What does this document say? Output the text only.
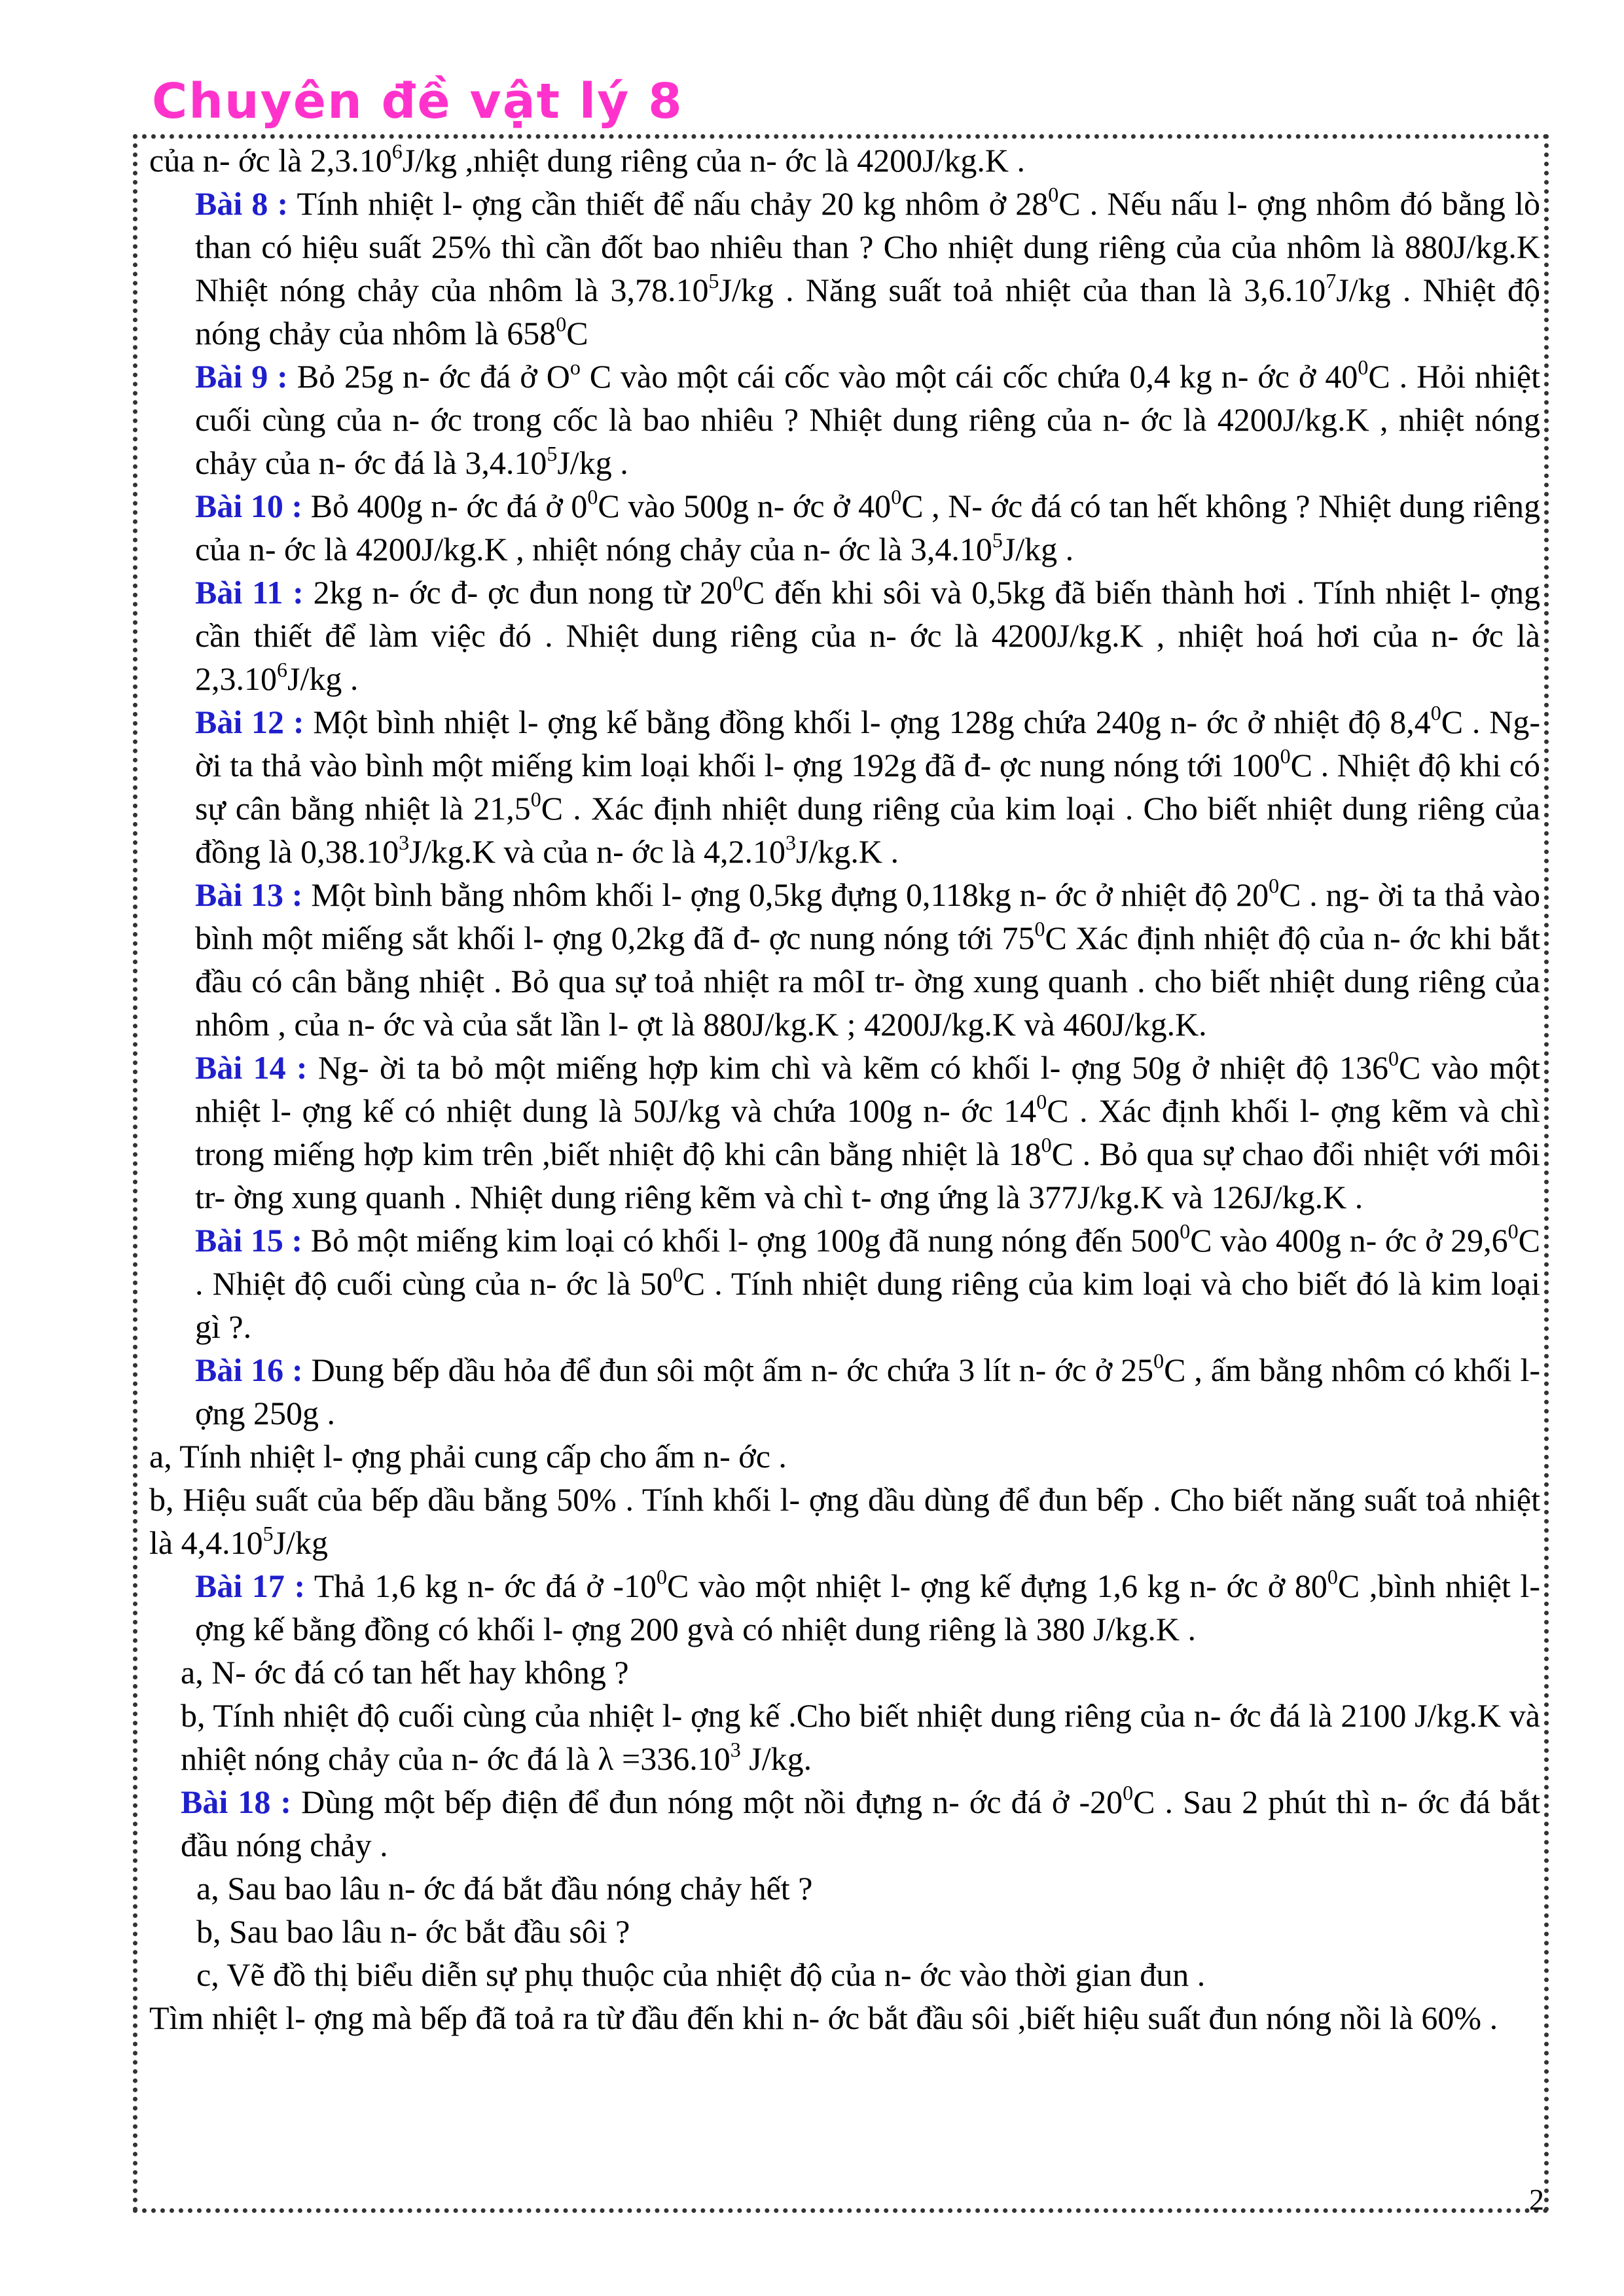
Chuyên đề vật lý 8

của n- ớc là 2,3.10$^6$J/kg ,nhiệt dung riêng của n- ớc là 4200J/kg.K .

Bài 8 : Tính nhiệt l- ợng cần thiết để nấu chảy 20 kg nhôm ở $28^0C$ . Nếu nấu l- ợng nhôm đó bằng lò than có hiệu suất 25% thì cần đốt bao nhiêu than ? Cho nhiệt dung riêng của của nhôm là 880J/kg.K Nhiệt nóng chảy của nhôm là 3,78.10$^5$J/kg . Năng suất toả nhiệt của than là 3,6.10$^7$J/kg . Nhiệt độ nóng chảy của nhôm là $658^0C$

Bài 9 : Bỏ 25g n- ớc đá ở $O^o$ C vào một cái cốc vào một cái cốc chứa 0,4 kg n- ớc ở $40^0C$ . Hỏi nhiệt cuối cùng của n- ớc trong cốc là bao nhiêu ? Nhiệt dung riêng của n- ớc là 4200J/kg.K , nhiệt nóng chảy của n- ớc đá là 3,4.10$^5$J/kg .

Bài 10 : Bỏ 400g n- ớc đá ở $0^0C$ vào 500g n- ớc ở $40^0C$ , N- ớc đá có tan hết không ? Nhiệt dung riêng của n- ớc là 4200J/kg.K , nhiệt nóng chảy của n- ớc là 3,4.10$^5$J/kg .

Bài 11 : 2kg n- ớc đ- ợc đun nong từ $20^0C$ đến khi sôi và 0,5kg đã biến thành hơi . Tính nhiệt l- ợng cần thiết để làm việc đó . Nhiệt dung riêng của n- ớc là 4200J/kg.K , nhiệt hoá hơi của n- ớc là 2,3.10$^6$J/kg .

Bài 12 : Một bình nhiệt l- ợng kế bằng đồng khối l- ợng 128g chứa 240g n- ớc ở nhiệt độ $8,4^0C$ . Ng- ời ta thả vào bình một miếng kim loại khối l- ợng 192g đã đ- ợc nung nóng tới $100^0C$ . Nhiệt độ khi có sự cân bằng nhiệt là 21,5$^0$C . Xác định nhiệt dung riêng của kim loại . Cho biết nhiệt dung riêng của đồng là 0,38.10$^3$J/kg.K và của n- ớc là 4,2.10$^3$J/kg.K .

Bài 13 : Một bình bằng nhôm khối l- ợng 0,5kg đựng 0,118kg n- ớc ở nhiệt độ $20^0C$ . ng- ời ta thả vào bình một miếng sắt khối l- ợng 0,2kg đã đ- ợc nung nóng tới $75^0C$ Xác định nhiệt độ của n- ớc khi bắt đầu có cân bằng nhiệt . Bỏ qua sự toả nhiệt ra môI tr- ờng xung quanh . cho biết nhiệt dung riêng của nhôm , của n- ớc và của sắt lần l- ợt là 880J/kg.K ; 4200J/kg.K và 460J/kg.K.

Bài 14 : Ng- ời ta bỏ một miếng hợp kim chì và kẽm có khối l- ợng 50g ở nhiệt độ $136^0C$ vào một nhiệt l- ợng kế có nhiệt dung là 50J/kg và chứa 100g n- ớc $14^0C$ . Xác định khối l- ợng kẽm và chì trong miếng hợp kim trên ,biết nhiệt độ khi cân bằng nhiệt là $18^0C$ . Bỏ qua sự chao đổi nhiệt với môi tr- ờng xung quanh . Nhiệt dung riêng kẽm và chì t- ơng ứng là 377J/kg.K và 126J/kg.K .

Bài 15 : Bỏ một miếng kim loại có khối l- ợng 100g đã nung nóng đến $500^0C$ vào 400g n- ớc ở 29,6$^0$C . Nhiệt độ cuối cùng của n- ớc là $50^0C$ . Tính nhiệt dung riêng của kim loại và cho biết đó là kim loại gì ?.

Bài 16 : Dung bếp dầu hỏa để đun sôi một ấm n- ớc chứa 3 lít n- ớc ở $25^0C$ , ấm bằng nhôm có khối l- ợng 250g .

a, Tính nhiệt l- ợng phải cung cấp cho ấm n- ớc .

b, Hiệu suất của bếp dầu bằng 50% . Tính khối l- ợng dầu dùng để đun bếp . Cho biết năng suất toả nhiệt là 4,4.10$^5$J/kg

Bài 17 : Thả 1,6 kg n- ớc đá ở $-10^0C$ vào một nhiệt l- ợng kế đựng 1,6 kg n- ớc ở $80^0C$ ,bình nhiệt l- ợng kế bằng đồng có khối l- ợng 200 gvà có nhiệt dung riêng là 380 J/kg.K .

a, N- ớc đá có tan hết hay không ?

b, Tính nhiệt độ cuối cùng của nhiệt l- ợng kế .Cho biết nhiệt dung riêng của n- ớc đá là 2100 J/kg.K và nhiệt nóng chảy của n- ớc đá là $\lambda =336.10^3$ J/kg.

Bài 18 : Dùng một bếp điện để đun nóng một nồi đựng n- ớc đá ở $-20^0C$ . Sau 2 phút thì n- ớc đá bắt đầu nóng chảy .

a, Sau bao lâu n- ớc đá bắt đầu nóng chảy hết ?

b, Sau bao lâu n- ớc bắt đầu sôi ?

c, Vẽ đồ thị biểu diễn sự phụ thuộc của nhiệt độ của n- ớc vào thời gian đun .

Tìm nhiệt l- ợng mà bếp đã toả ra từ đầu đến khi n- ớc bắt đầu sôi ,biết hiệu suất đun nóng nồi là 60% .

2
